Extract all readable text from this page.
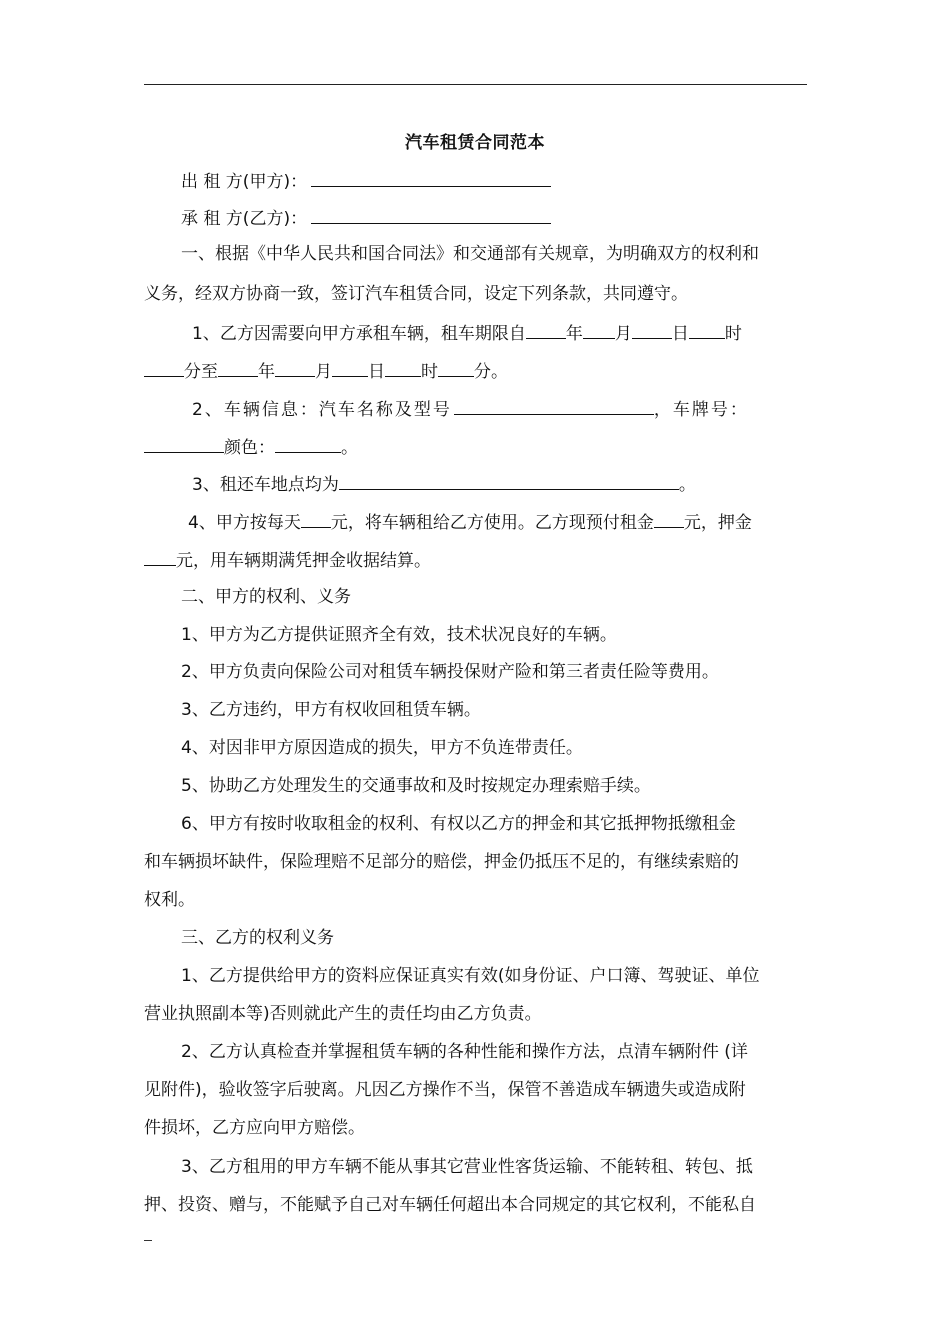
汽车租赁合同范本
出 租 方(甲方)：
承 租 方(乙方)：
一、根据《中华人民共和国合同法》和交通部有关规章，为明确双方的权利和
义务，经双方协商一致，签订汽车租赁合同，设定下列条款，共同遵守。
1、乙方因需要向甲方承租车辆，租车期限自 年 月 日 时
分至 年 月 日 时 分。
2、车辆信息：汽车名称及型号	，车牌号：
颜色：	。
3、租还车地点均为	。
4、甲方按每天 元，将车辆租给乙方使用。乙方现预付租金 元，押金
元，用车辆期满凭押金收据结算。
二、甲方的权利、义务
1、甲方为乙方提供证照齐全有效，技术状况良好的车辆。
2、甲方负责向保险公司对租赁车辆投保财产险和第三者责任险等费用。
3、乙方违约，甲方有权收回租赁车辆。
4、对因非甲方原因造成的损失，甲方不负连带责任。
5、协助乙方处理发生的交通事故和及时按规定办理索赔手续。
6、甲方有按时收取租金的权利、有权以乙方的押金和其它抵押物抵缴租金
和车辆损坏缺件，保险理赔不足部分的赔偿，押金仍抵压不足的，有继续索赔的
权利。
三、乙方的权利义务
1、乙方提供给甲方的资料应保证真实有效(如身份证、户口簿、驾驶证、单位
营业执照副本等)否则就此产生的责任均由乙方负责。
2、乙方认真检查并掌握租赁车辆的各种性能和操作方法，点清车辆附件 (详
见附件)，验收签字后驶离。凡因乙方操作不当，保管不善造成车辆遗失或造成附
件损坏，乙方应向甲方赔偿。
3、乙方租用的甲方车辆不能从事其它营业性客货运输、不能转租、转包、抵
押、投资、赠与，不能赋予自己对车辆任何超出本合同规定的其它权利，不能私自
